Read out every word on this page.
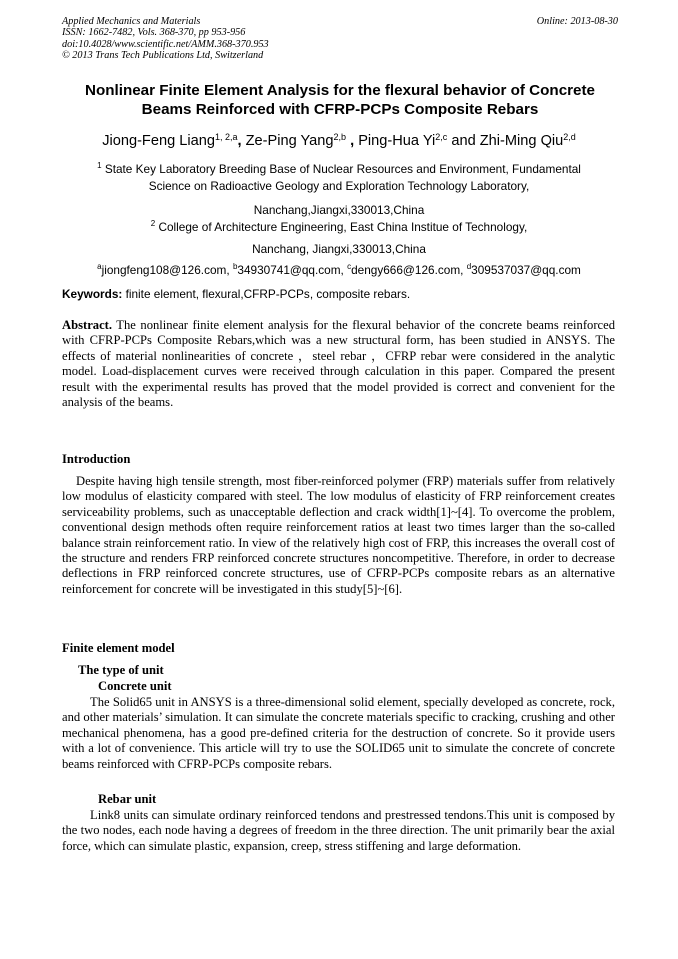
Applied Mechanics and Materials
ISSN: 1662-7482, Vols. 368-370, pp 953-956
doi:10.4028/www.scientific.net/AMM.368-370.953
© 2013 Trans Tech Publications Ltd, Switzerland
Online: 2013-08-30
Nonlinear Finite Element Analysis for the flexural behavior of Concrete
Beams Reinforced with CFRP-PCPs Composite Rebars
Jiong-Feng Liang$^{1, 2,a}$, Ze-Ping Yang$^{2,b}$ , Ping-Hua Yi$^{2,c}$ and Zhi-Ming Qiu$^{2,d}$
$^1$ State Key Laboratory Breeding Base of Nuclear Resources and Environment, Fundamental
Science on Radioactive Geology and Exploration Technology Laboratory,
Nanchang,Jiangxi,330013,China
$^2$ College of Architecture Engineering, East China Institue of Technology,
Nanchang, Jiangxi,330013,China
$^a$jiongfeng108@126.com, $^b$34930741@qq.com, $^c$dengy666@126.com, $^d$309537037@qq.com
Keywords: finite element, flexural,CFRP-PCPs, composite rebars.
Abstract. The nonlinear finite element analysis for the flexural behavior of the concrete beams reinforced with CFRP-PCPs Composite Rebars,which was a new structural form, has been studied in ANSYS. The effects of material nonlinearities of concrete ，steel rebar ，CFRP rebar were considered in the analytic model. Load-displacement curves were received through calculation in this paper. Compared the present result with the experimental results has proved that the model provided is correct and convenient for the analysis of the beams.
Introduction
Despite having high tensile strength, most fiber-reinforced polymer (FRP) materials suffer from relatively low modulus of elasticity compared with steel. The low modulus of elasticity of FRP reinforcement creates serviceability problems, such as unacceptable deflection and crack width[1]~[4]. To overcome the problem, conventional design methods often require reinforcement ratios at least two times larger than the so-called balance strain reinforcement ratio. In view of the relatively high cost of FRP, this increases the overall cost of the structure and renders FRP reinforced concrete structures noncompetitive. Therefore, in order to decrease deflections in FRP reinforced concrete structures, use of CFRP-PCPs composite rebars as an alternative reinforcement for concrete will be investigated in this study[5]~[6].
Finite element model
The type of unit
Concrete unit
The Solid65 unit in ANSYS is a three-dimensional solid element, specially developed as concrete, rock, and other materials’ simulation. It can simulate the concrete materials specific to cracking, crushing and other mechanical phenomena, has a good pre-defined criteria for the destruction of concrete. So it provide users with a lot of convenience. This article will try to use the SOLID65 unit to simulate the concrete of concrete beams reinforced with CFRP-PCPs composite rebars.
Rebar unit
Link8 units can simulate ordinary reinforced tendons and prestressed tendons.This unit is composed by the two nodes, each node having a degrees of freedom in the three direction. The unit primarily bear the axial force, which can simulate plastic, expansion, creep, stress stiffening and large deformation.
